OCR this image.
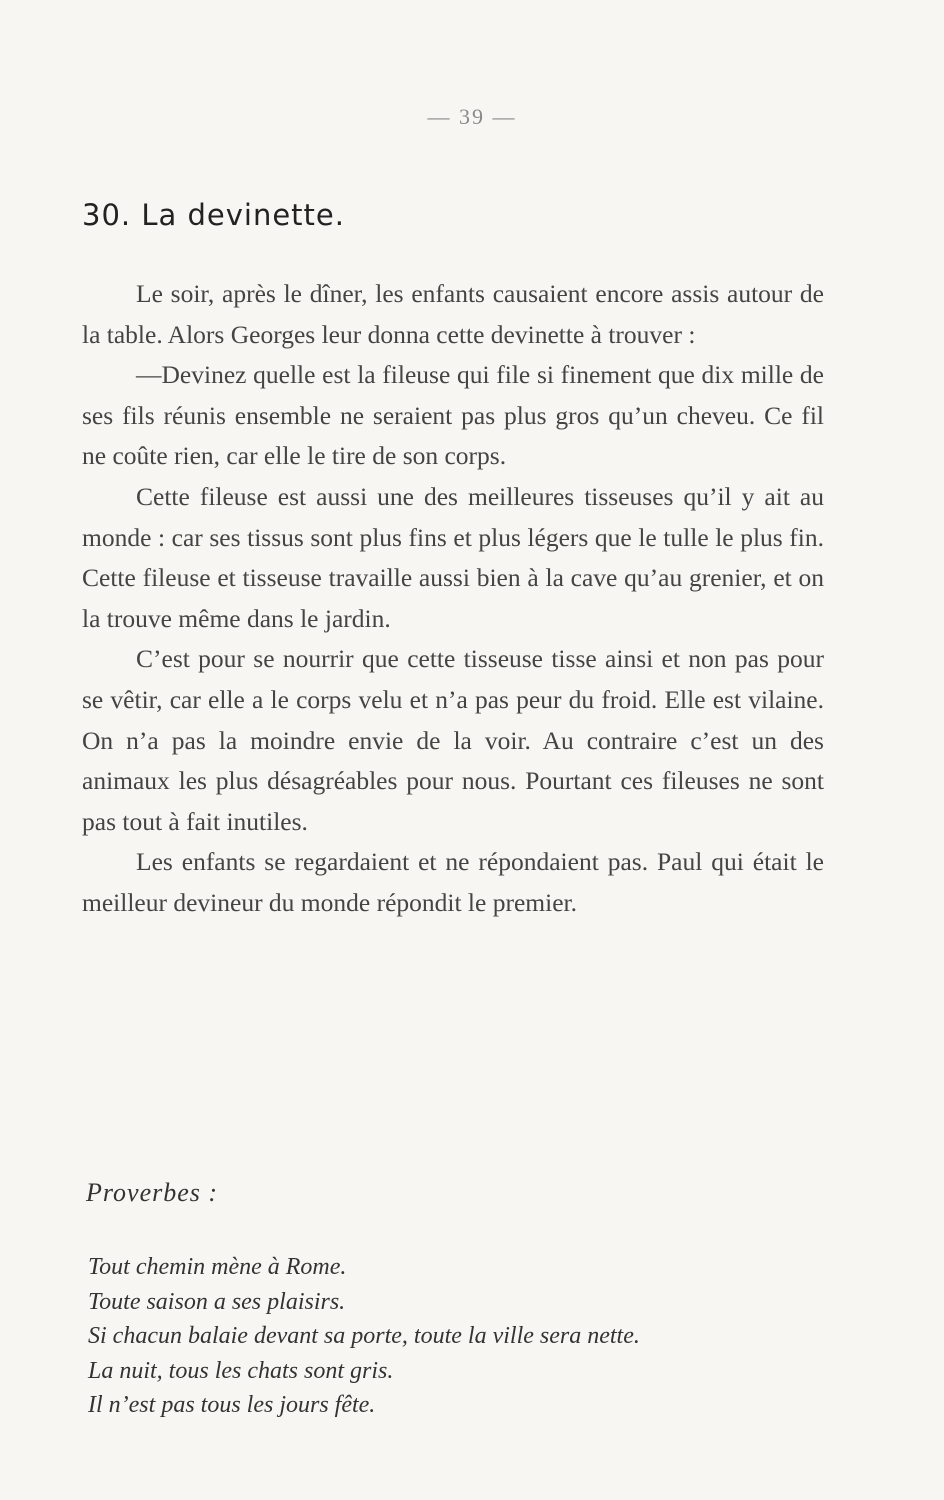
— 39 —
30. La devinette.

Le soir, après le dîner, les enfants causaient encore assis autour de la table. Alors Georges leur donna cette devinette à trouver :

—Devinez quelle est la fileuse qui file si finement que dix mille de ses fils réunis ensemble ne seraient pas plus gros qu’un cheveu. Ce fil ne coûte rien, car elle le tire de son corps.

Cette fileuse est aussi une des meilleures tisseuses qu’il y ait au monde : car ses tissus sont plus fins et plus légers que le tulle le plus fin. Cette fileuse et tisseuse travaille aussi bien à la cave qu’au grenier, et on la trouve même dans le jardin.

C’est pour se nourrir que cette tisseuse tisse ainsi et non pas pour se vêtir, car elle a le corps velu et n’a pas peur du froid. Elle est vilaine. On n’a pas la moindre envie de la voir. Au contraire c’est un des animaux les plus désagréables pour nous. Pourtant ces fileuses ne sont pas tout à fait inutiles.

Les enfants se regardaient et ne répondaient pas. Paul qui était le meilleur devineur du monde répondit le premier.

Proverbes :
Tout chemin mène à Rome.
Toute saison a ses plaisirs.
Si chacun balaie devant sa porte, toute la ville sera nette.
La nuit, tous les chats sont gris.
Il n’est pas tous les jours fête.
